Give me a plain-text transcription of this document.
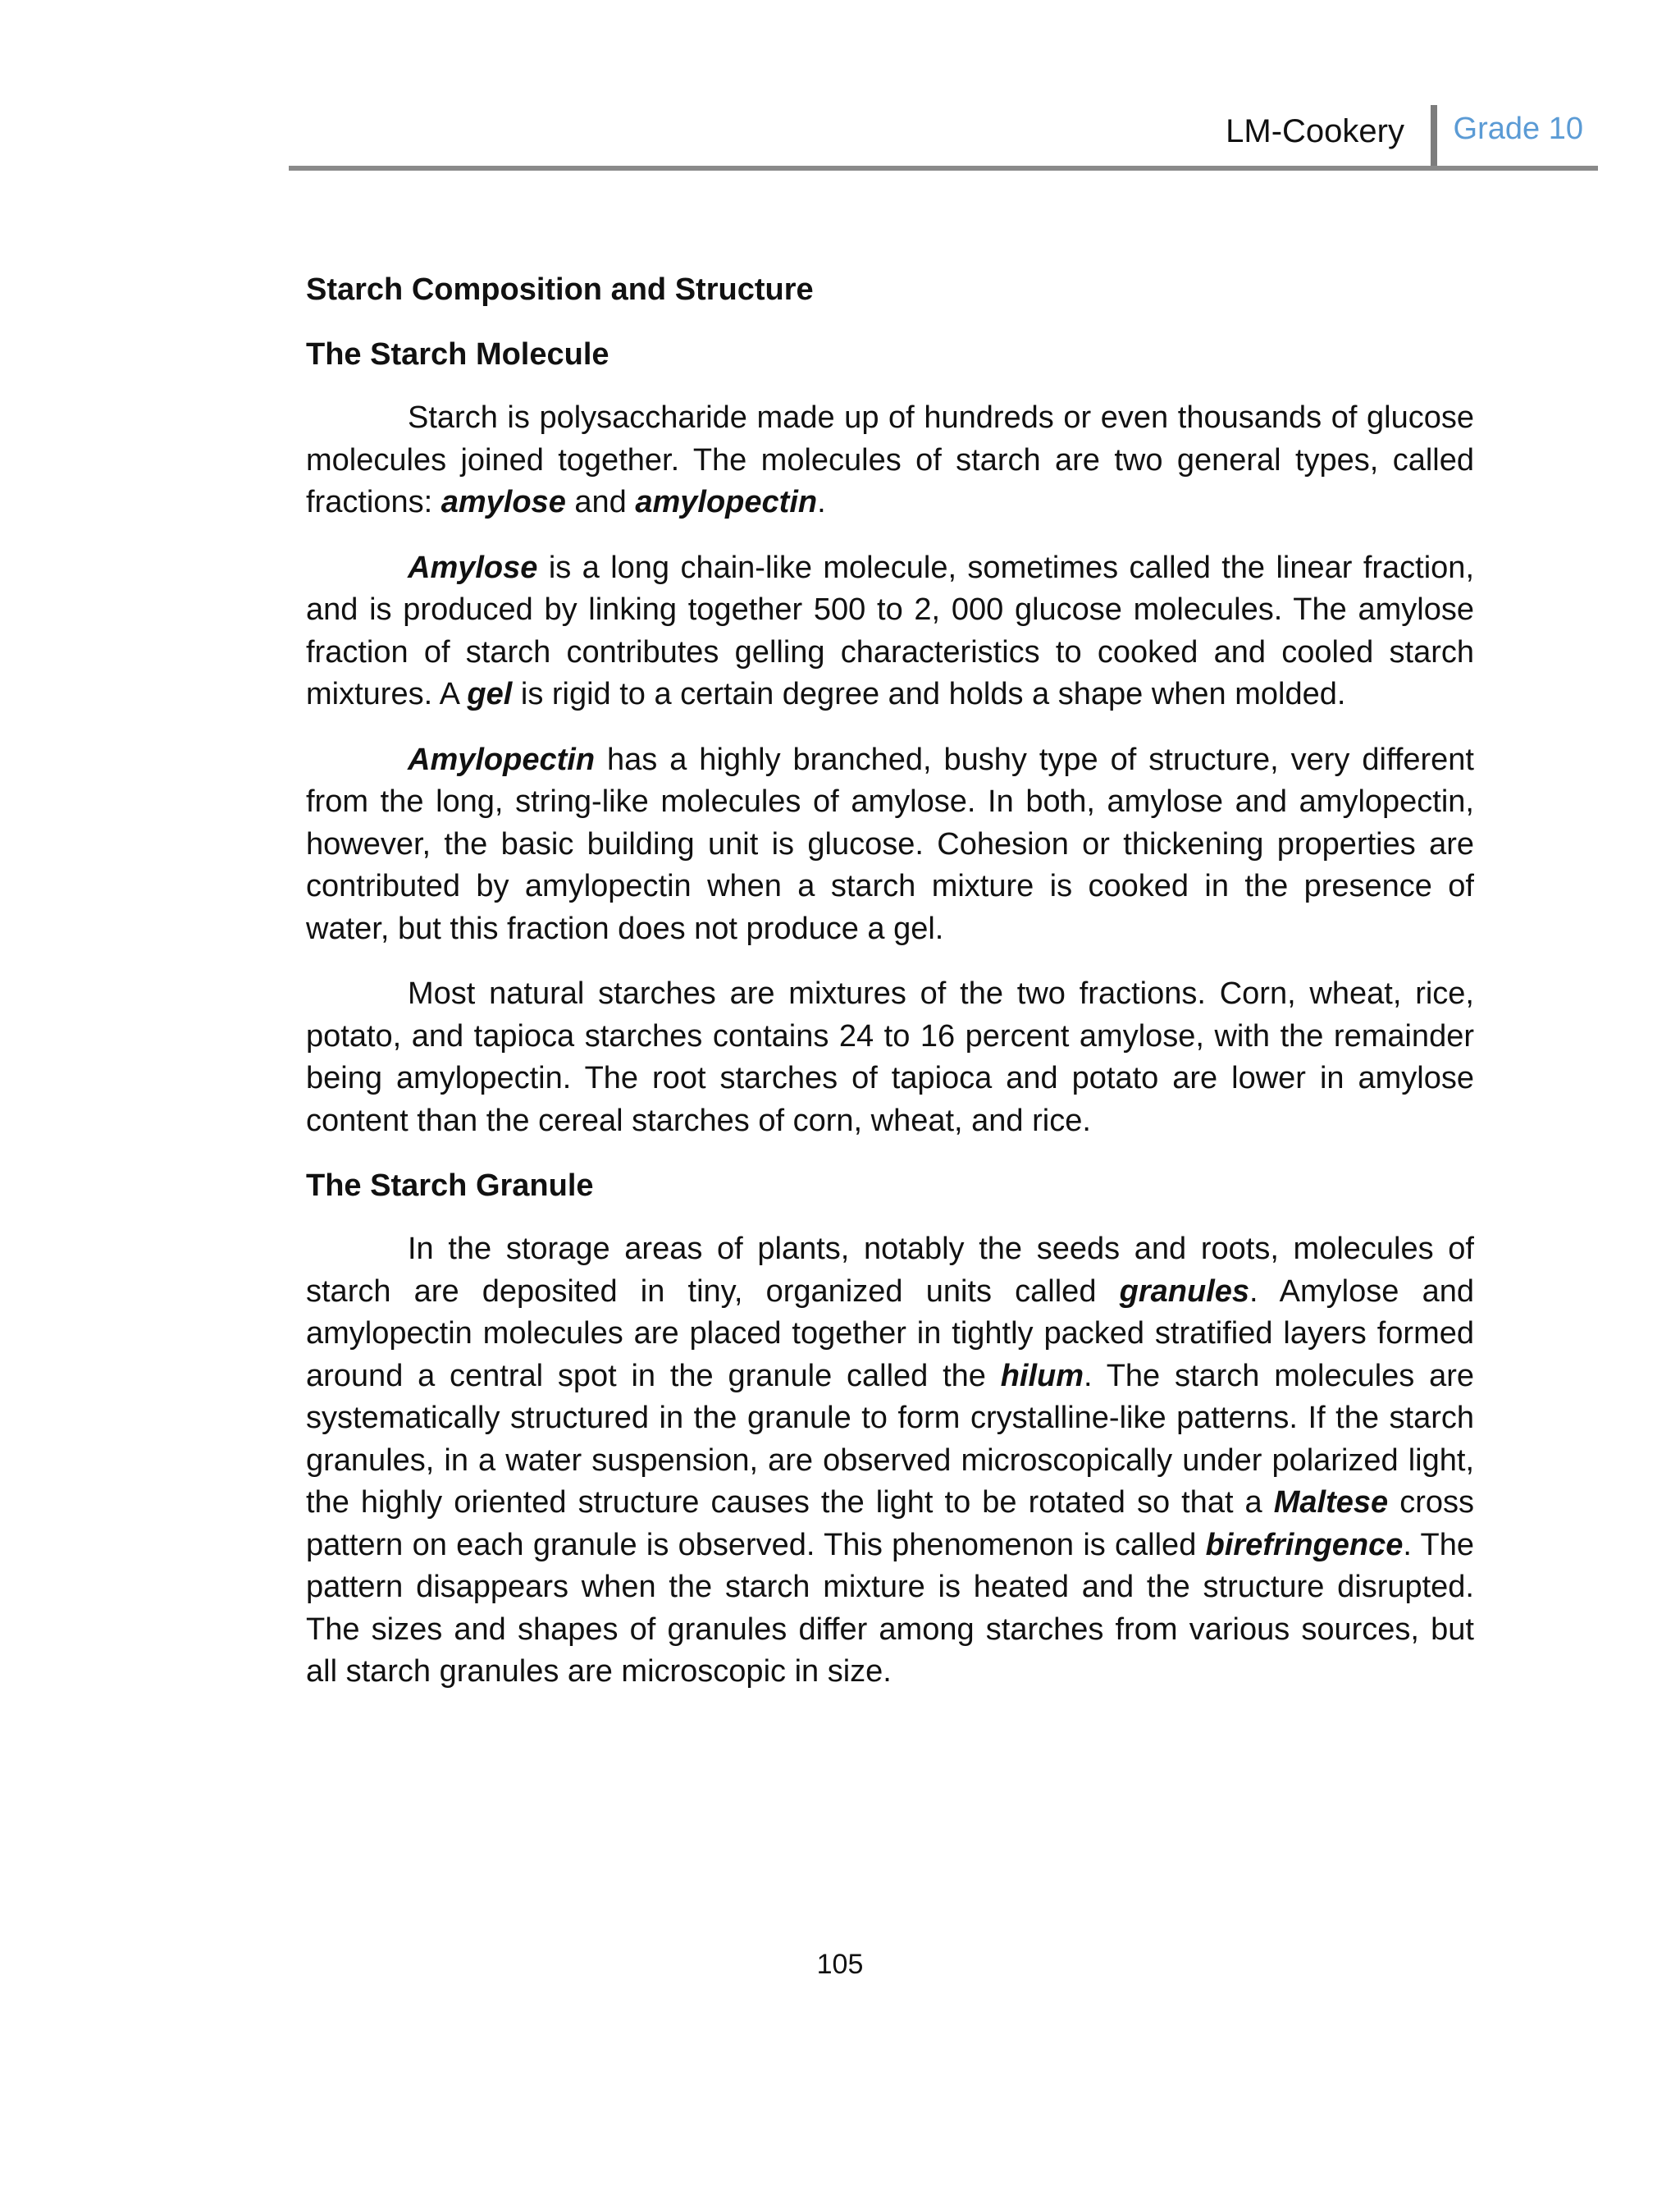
LM-Cookery Grade 10
Starch Composition and Structure
The Starch Molecule

Starch is polysaccharide made up of hundreds or even thousands of glucose molecules joined together. The molecules of starch are two general types, called fractions: amylose and amylopectin.

Amylose is a long chain-like molecule, sometimes called the linear fraction, and is produced by linking together 500 to 2, 000 glucose molecules. The amylose fraction of starch contributes gelling characteristics to cooked and cooled starch mixtures. A gel is rigid to a certain degree and holds a shape when molded.

Amylopectin has a highly branched, bushy type of structure, very different from the long, string-like molecules of amylose. In both, amylose and amylopectin, however, the basic building unit is glucose. Cohesion or thickening properties are contributed by amylopectin when a starch mixture is cooked in the presence of water, but this fraction does not produce a gel.

Most natural starches are mixtures of the two fractions. Corn, wheat, rice, potato, and tapioca starches contains 24 to 16 percent amylose, with the remainder being amylopectin. The root starches of tapioca and potato are lower in amylose content than the cereal starches of corn, wheat, and rice.

The Starch Granule

In the storage areas of plants, notably the seeds and roots, molecules of starch are deposited in tiny, organized units called granules. Amylose and amylopectin molecules are placed together in tightly packed stratified layers formed around a central spot in the granule called the hilum. The starch molecules are systematically structured in the granule to form crystalline-like patterns. If the starch granules, in a water suspension, are observed microscopically under polarized light, the highly oriented structure causes the light to be rotated so that a Maltese cross pattern on each granule is observed. This phenomenon is called birefringence. The pattern disappears when the starch mixture is heated and the structure disrupted. The sizes and shapes of granules differ among starches from various sources, but all starch granules are microscopic in size.

105
